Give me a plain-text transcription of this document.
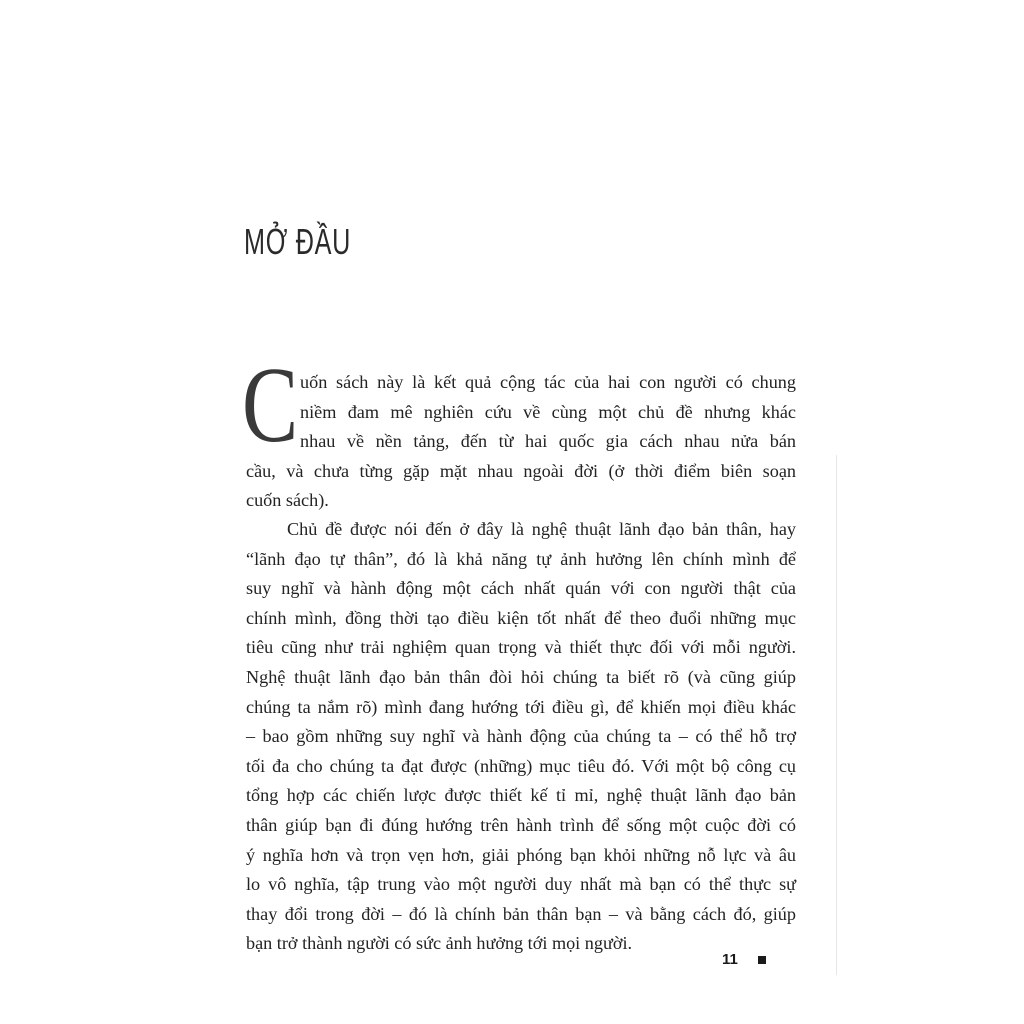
MỞ ĐẦU
C uốn sách này là kết quả cộng tác của hai con người có chung
niềm đam mê nghiên cứu về cùng một chủ đề nhưng khác
nhau về nền tảng, đến từ hai quốc gia cách nhau nửa bán
cầu, và chưa từng gặp mặt nhau ngoài đời (ở thời điểm biên soạn
cuốn sách).
Chủ đề được nói đến ở đây là nghệ thuật lãnh đạo bản thân, hay
“lãnh đạo tự thân”, đó là khả năng tự ảnh hưởng lên chính mình để
suy nghĩ và hành động một cách nhất quán với con người thật của
chính mình, đồng thời tạo điều kiện tốt nhất để theo đuổi những mục
tiêu cũng như trải nghiệm quan trọng và thiết thực đối với mỗi người.
Nghệ thuật lãnh đạo bản thân đòi hỏi chúng ta biết rõ (và cũng giúp
chúng ta nắm rõ) mình đang hướng tới điều gì, để khiến mọi điều khác
– bao gồm những suy nghĩ và hành động của chúng ta – có thể hỗ trợ
tối đa cho chúng ta đạt được (những) mục tiêu đó. Với một bộ công cụ
tổng hợp các chiến lược được thiết kế tỉ mỉ, nghệ thuật lãnh đạo bản
thân giúp bạn đi đúng hướng trên hành trình để sống một cuộc đời có
ý nghĩa hơn và trọn vẹn hơn, giải phóng bạn khỏi những nỗ lực và âu
lo vô nghĩa, tập trung vào một người duy nhất mà bạn có thể thực sự
thay đổi trong đời – đó là chính bản thân bạn – và bằng cách đó, giúp
bạn trở thành người có sức ảnh hưởng tới mọi người.
11
